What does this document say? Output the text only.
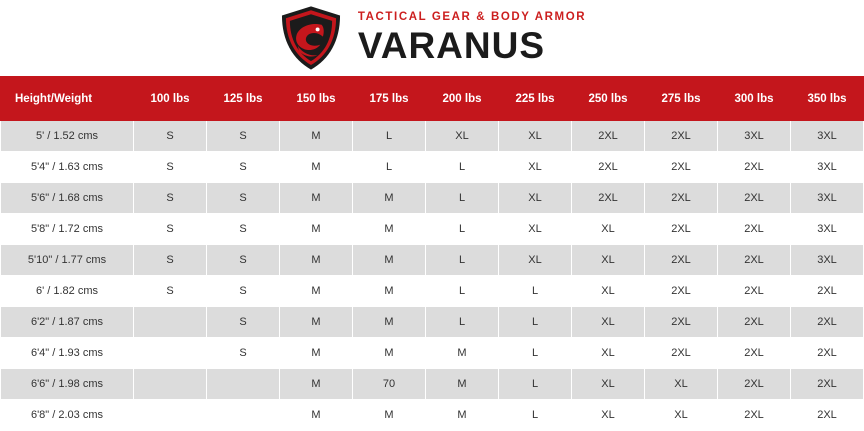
TACTICAL GEAR & BODY ARMOR
VARANUS
Height/Weight	100 lbs	125 lbs	150 lbs	175 lbs	200 lbs	225 lbs	250 lbs	275 lbs	300 lbs	350 lbs
5' / 1.52 cms	S	S	M	L	XL	XL	2XL	2XL	3XL	3XL
5'4" / 1.63 cms	S	S	M	L	L	XL	2XL	2XL	2XL	3XL
5'6" / 1.68 cms	S	S	M	M	L	XL	2XL	2XL	2XL	3XL
5'8" / 1.72 cms	S	S	M	M	L	XL	XL	2XL	2XL	3XL
5'10" / 1.77 cms	S	S	M	M	L	XL	XL	2XL	2XL	3XL
6' / 1.82 cms	S	S	M	M	L	L	XL	2XL	2XL	2XL
6'2" / 1.87 cms		S	M	M	L	L	XL	2XL	2XL	2XL
6'4" / 1.93 cms		S	M	M	M	L	XL	2XL	2XL	2XL
6'6" / 1.98 cms			M	70	M	L	XL	XL	2XL	2XL
6'8" / 2.03 cms			M	M	M	L	XL	XL	2XL	2XL
